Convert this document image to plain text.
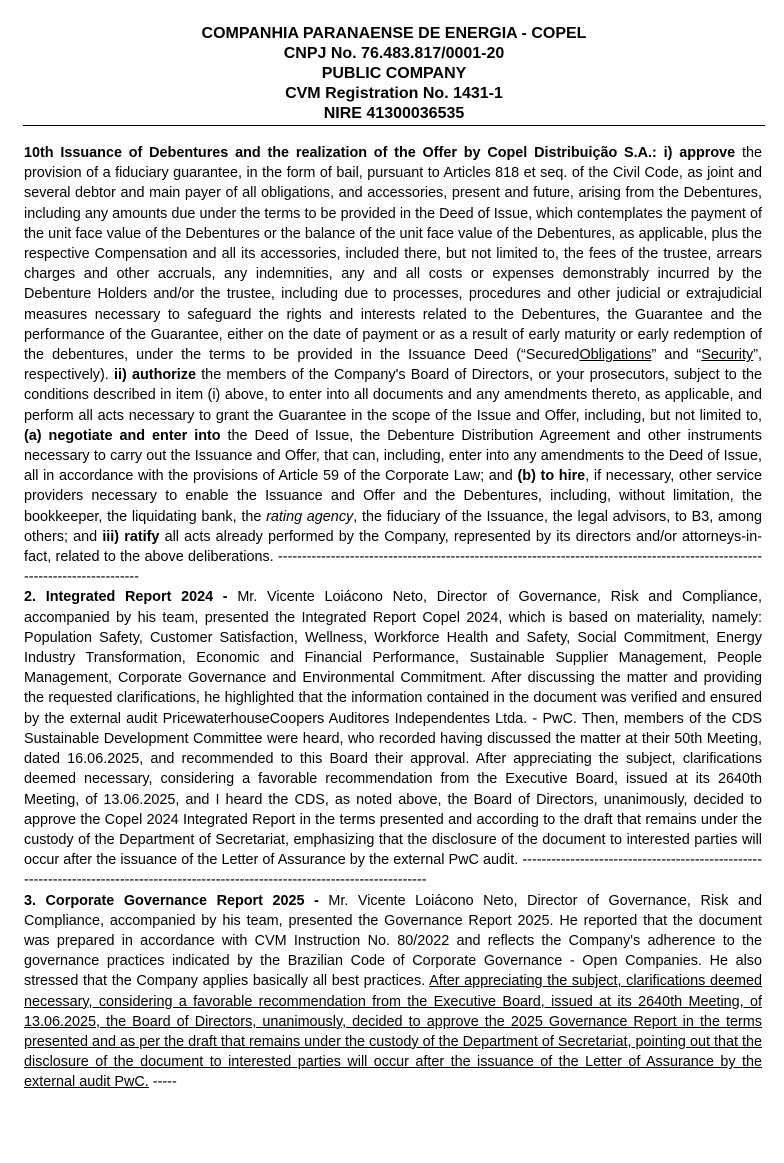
COMPANHIA PARANAENSE DE ENERGIA - COPEL
CNPJ No. 76.483.817/0001-20
PUBLIC COMPANY
CVM Registration No. 1431-1
NIRE 41300036535

10th Issuance of Debentures and the realization of the Offer by Copel Distribuição S.A.: i) approve the provision of a fiduciary guarantee, in the form of bail, pursuant to Articles 818 et seq. of the Civil Code, as joint and several debtor and main payer of all obligations, and accessories, present and future, arising from the Debentures, including any amounts due under the terms to be provided in the Deed of Issue, which contemplates the payment of the unit face value of the Debentures or the balance of the unit face value of the Debentures, as applicable, plus the respective Compensation and all its accessories, included there, but not limited to, the fees of the trustee, arrears charges and other accruals, any indemnities, any and all costs or expenses demonstrably incurred by the Debenture Holders and/or the trustee, including due to processes, procedures and other judicial or extrajudicial measures necessary to safeguard the rights and interests related to the Debentures, the Guarantee and the performance of the Guarantee, either on the date of payment or as a result of early maturity or early redemption of the debentures, under the terms to be provided in the Issuance Deed (“SecuredObligations” and “Security”, respectively). ii) authorize the members of the Company's Board of Directors, or your prosecutors, subject to the conditions described in item (i) above, to enter into all documents and any amendments thereto, as applicable, and perform all acts necessary to grant the Guarantee in the scope of the Issue and Offer, including, but not limited to, (a) negotiate and enter into the Deed of Issue, the Debenture Distribution Agreement and other instruments necessary to carry out the Issuance and Offer, that can, including, enter into any amendments to the Deed of Issue, all in accordance with the provisions of Article 59 of the Corporate Law; and (b) to hire, if necessary, other service providers necessary to enable the Issuance and Offer and the Debentures, including, without limitation, the bookkeeper, the liquidating bank, the rating agency, the fiduciary of the Issuance, the legal advisors, to B3, among others; and iii) ratify all acts already performed by the Company, represented by its directors and/or attorneys-in-fact, related to the above deliberations. -----------------------------------------------------------------------------------------------------------------------------

2. Integrated Report 2024 - Mr. Vicente Loiácono Neto, Director of Governance, Risk and Compliance, accompanied by his team, presented the Integrated Report Copel 2024, which is based on materiality, namely: Population Safety, Customer Satisfaction, Wellness, Workforce Health and Safety, Social Commitment, Energy Industry Transformation, Economic and Financial Performance, Sustainable Supplier Management, People Management, Corporate Governance and Environmental Commitment. After discussing the matter and providing the requested clarifications, he highlighted that the information contained in the document was verified and ensured by the external audit PricewaterhouseCoopers Auditores Independentes Ltda. - PwC. Then, members of the CDS Sustainable Development Committee were heard, who recorded having discussed the matter at their 50th Meeting, dated 16.06.2025, and recommended to this Board their approval. After appreciating the subject, clarifications deemed necessary, considering a favorable recommendation from the Executive Board, issued at its 2640th Meeting, of 13.06.2025, and I heard the CDS, as noted above, the Board of Directors, unanimously, decided to approve the Copel 2024 Integrated Report in the terms presented and according to the draft that remains under the custody of the Department of Secretariat, emphasizing that the disclosure of the document to interested parties will occur after the issuance of the Letter of Assurance by the external PwC audit. --------------------------------------------------------------------------------------------------------------------------------------

3. Corporate Governance Report 2025 - Mr. Vicente Loiácono Neto, Director of Governance, Risk and Compliance, accompanied by his team, presented the Governance Report 2025. He reported that the document was prepared in accordance with CVM Instruction No. 80/2022 and reflects the Company's adherence to the governance practices indicated by the Brazilian Code of Corporate Governance - Open Companies. He also stressed that the Company applies basically all best practices. After appreciating the subject, clarifications deemed necessary, considering a favorable recommendation from the Executive Board, issued at its 2640th Meeting, of 13.06.2025, the Board of Directors, unanimously, decided to approve the 2025 Governance Report in the terms presented and as per the draft that remains under the custody of the Department of Secretariat, pointing out that the disclosure of the document to interested parties will occur after the issuance of the Letter of Assurance by the external audit PwC. -----
